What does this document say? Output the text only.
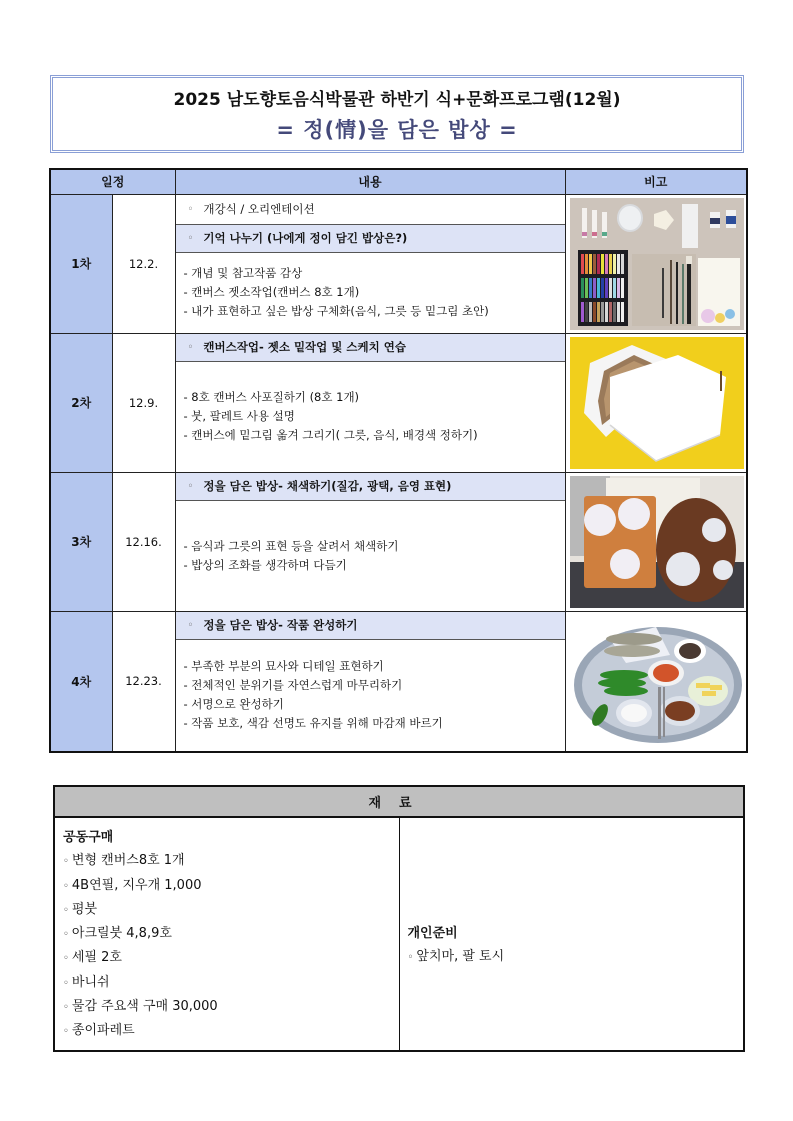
2025 남도향토음식박물관 하반기 식+문화프로그램(12월)
= 정(情)을 담은 밥상 =
일정		내용	비고
1차	12.2.	
◦ 개강식 / 오리엔테이션
◦ 기억 나누기 (나에게 정이 담긴 밥상은?)
- 개념 및 참고작품 감상
- 캔버스 젯소작업(캔버스 8호 1개)
- 내가 표현하고 싶은 밥상 구체화(음식, 그릇 등 밑그림 초안)

2차	12.9.	◦ 캔버스작업- 젯소 밑작업 및 스케치 연습
- 8호 캔버스 사포질하기 (8호 1개)
- 붓, 팔레트 사용 설명
- 캔버스에 밑그림 옮겨 그리기( 그릇, 음식, 배경색 정하기)

3차	12.16.	◦ 정을 담은 밥상- 채색하기(질감, 광택, 음영 표현)
- 음식과 그릇의 표현 등을 살려서 채색하기
- 밥상의 조화를 생각하며 다듬기

4차	12.23.	
◦ 정을 담은 밥상- 작품 완성하기
- 부족한 부분의 묘사와 디테일 표현하기
- 전체적인 분위기를 자연스럽게 마무리하기
- 서명으로 완성하기
- 작품 보호, 색감 선명도 유지를 위해 마감재 바르기

재료

공동구매
◦ 변형 캔버스8호 1개
◦ 4B연필, 지우개 1,000
◦ 평붓
◦ 아크릴붓 4,8,9호
◦ 세필 2호
◦ 바니쉬
◦ 물감 주요색 구매 30,000
◦ 종이파레트

개인준비
◦ 앞치마, 팔 토시
